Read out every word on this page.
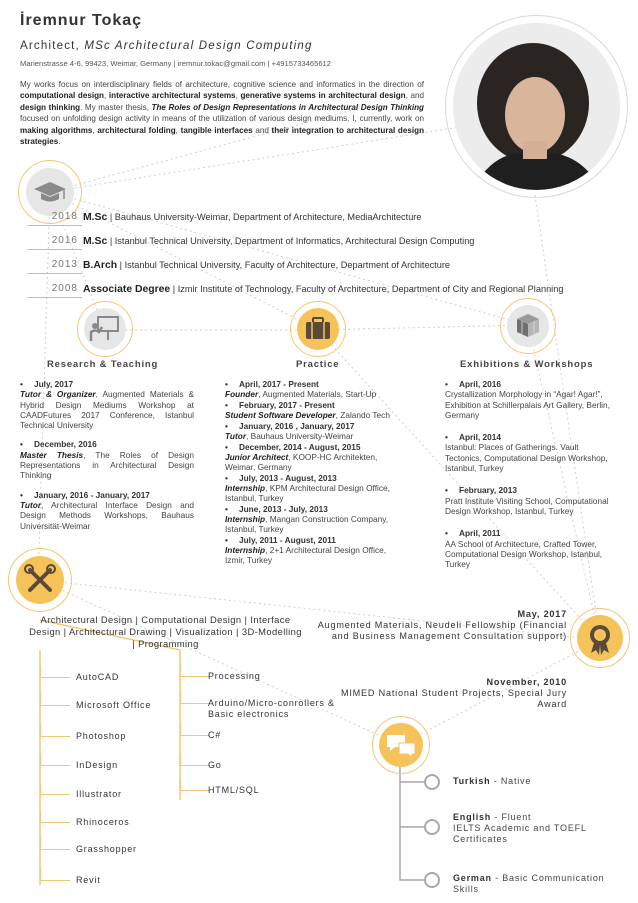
İremnur Tokaç
Architect, MSc Architectural Design Computing
Marienstrasse 4-6, 99423, Weimar, Germany | iremnur.tokac@gmail.com | +4915733465612
My works focus on interdisciplinary fields of architecture, cognitive science and informatics in the direction of computational design, interactive architectural systems, generative systems in architectural design, and design thinking. My master thesis, The Roles of Design Representations in Architectural Design Thinking focused on unfolding design activity in means of the utilization of various design mediums. I, currently, work on making algorithms, architectural folding, tangible interfaces and their integration to architectural design strategies.
2018 M.Sc | Bauhaus University-Weimar, Department of Architecture, MediaArchitecture
2016 M.Sc | Istanbul Technical University, Department of Informatics, Architectural Design Computing
2013 B.Arch | Istanbul Technical University, Faculty of Architecture, Department of Architecture
2008 Associate Degree | Izmir Institute of Technology, Faculty of Architecture, Department of City and Regional Planning
Research & Teaching	Practice	Exhibitions & Workshops
• July, 2017
Tutor & Organizer, Augmented Materials & Hybrid Design Mediums Workshop at CAADFutures 2017 Conference, Istanbul Technical University
• December, 2016
Master Thesis, The Roles of Design Representations in Architectural Design Thinking
• January, 2016 - January, 2017
Tutor, Architectural Interface Design and Design Methods Workshops, Bauhaus Universität-Weimar
• April, 2017 - Present
Founder, Augmented Materials, Start-Up
• February, 2017 - Present
Student Software Developer, Zalando Tech
• January, 2016 , January, 2017
Tutor, Bauhaus University-Weimar
• December, 2014 - August, 2015
Junior Architect, KOOP-HC Architekten, Weimar, Germany
• July, 2013 - August, 2013
Internship, KPM Architectural Design Office, Istanbul, Turkey
• June, 2013 - July, 2013
Internship, Mangan Construction Company, Istanbul, Turkey
• July, 2011 - August, 2011
Internship, 2+1 Architectural Design Office, Izmir, Turkey
• April, 2016
Crystallization Morphology in “Agar! Agar!”, Exhibition at Schillerpalais Art Gallery, Berlin, Germany
• April, 2014
Istanbul: Places of Gatherings. Vault Tectonics, Computational Design Workshop, Istanbul, Turkey
• February, 2013
Pratt Institute Visiting School, Computational Design Workshop, Istanbul, Turkey
• April, 2011
AA School of Architecture, Crafted Tower, Computational Design Workshop, Istanbul, Turkey
Architectural Design | Computational Design | Interface Design | Architectural Drawing | Visualization | 3D-Modelling | Programming
AutoCAD
Microsoft Office
Photoshop
InDesign
Illustrator
Rhinoceros
Grasshopper
Revit
Processing
Arduino/Micro-conrollers & Basic electronics
C#
Go
HTML/SQL
May, 2017
Augmented Materials, Neudeli Fellowship (Financial and Business Management Consultation support)
November, 2010
MIMED National Student Projects, Special Jury Award
Turkish - Native
English - Fluent
IELTS Academic and TOEFL Certificates
German - Basic Communication Skills
